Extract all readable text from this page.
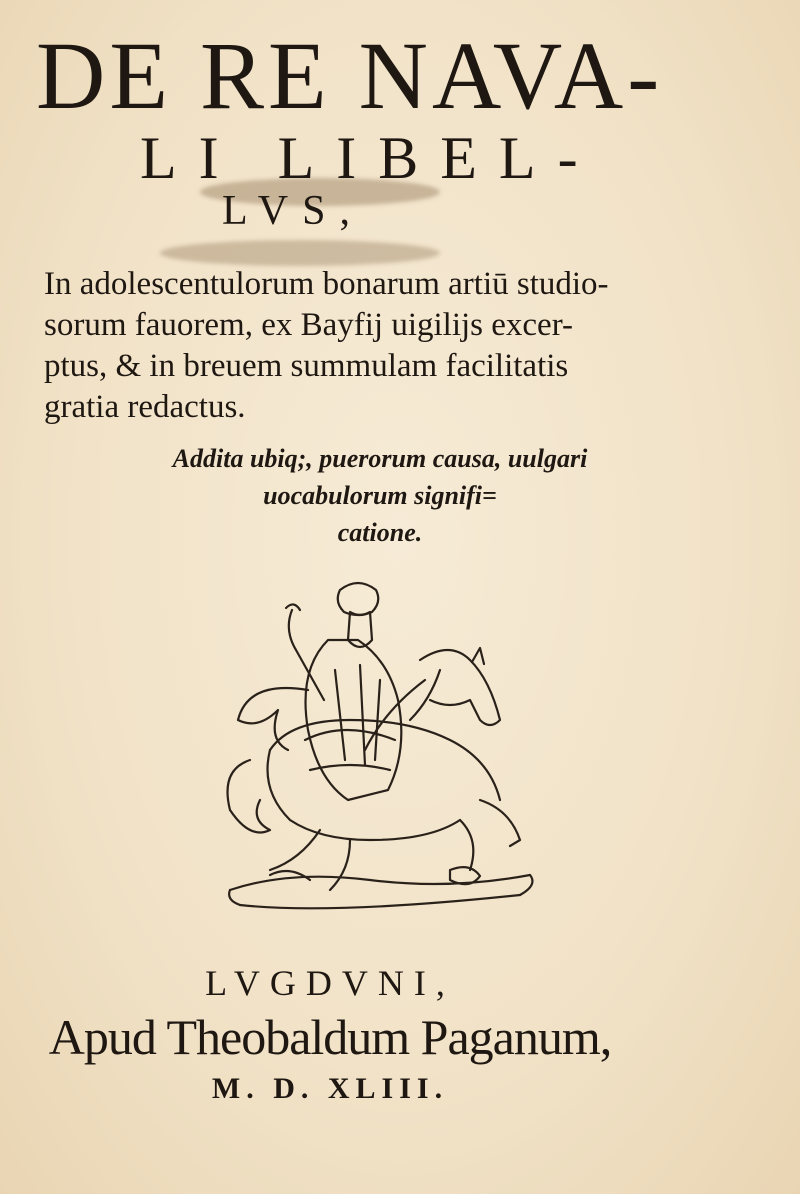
DE RE NAVA-
LI LIBEL-
LVS,
In adolescentulorum bonarum artiū studio-
sorum fauorem, ex Bayfij uigilijs excer-
ptus, & in breuem summulam facilitatis
gratia redactus.
Addita ubiq;, puerorum causa, uulgari
uocabulorum signifi=
catione.
LVGDVNI,
Apud Theobaldum Paganum,
M. D. XLIII.
